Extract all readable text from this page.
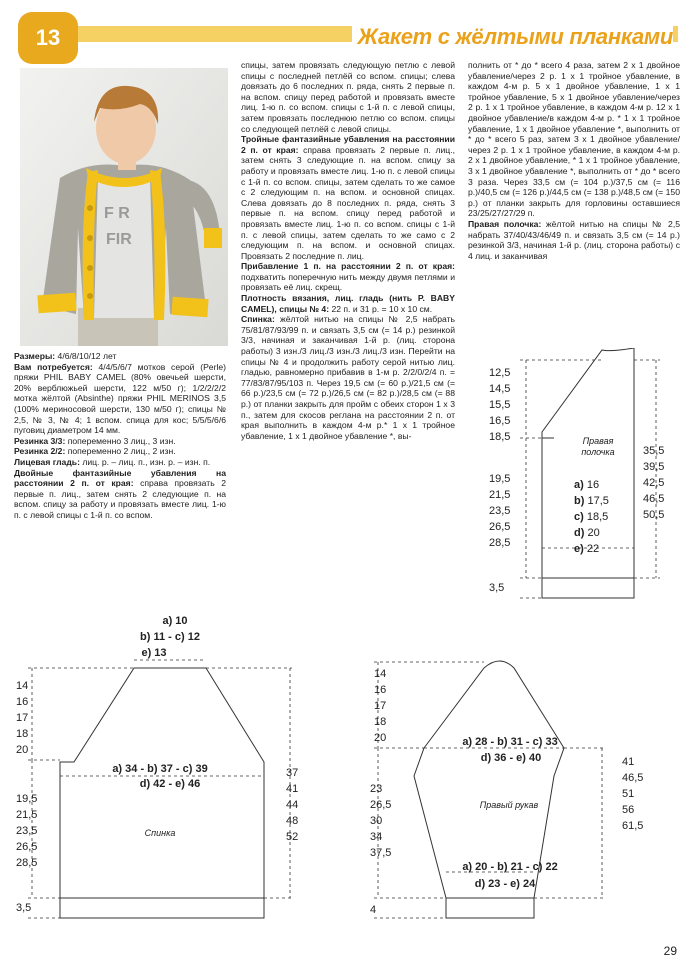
13	Жакет с жёлтыми планками
F R
FIR

Размеры: 4/6/8/10/12 лет

Вам потребуется: 4/4/5/6/7 мотков серой (Perle) пряжи PHIL BABY CAMEL (80% овечьей шерсти, 20% верблюжьей шерсти, 122 м/50 г); 1/2/2/2/2 мотка жёлтой (Absinthe) пряжи PHIL MERINOS 3,5 (100% мериносовой шерсти, 130 м/50 г); спицы № 2,5, № 3, № 4; 1 вспом. спица для кос; 5/5/5/6/6 пуговиц диаметром 14 мм.

Резинка 3/3: попеременно 3 лиц., 3 изн.

Резинка 2/2: попеременно 2 лиц., 2 изн.

Лицевая гладь: лиц. р. – лиц. п., изн. р. – изн. п.

Двойные фантазийные убавления на расстоянии 2 п. от края: справа провязать 2 первые п. лиц., затем снять 2 следующие п. на вспом. спицу за работу и провязать вместе лиц. 1-ю п. с левой спицы с 1-й п. со вспом.

спицы, затем провязать следующую петлю с левой спицы с последней петлёй со вспом. спицы; слева довязать до 6 последних п. ряда, снять 2 первые п. на вспом. спицу перед работой и провязать вместе лиц. 1-ю п. со вспом. спицы с 1-й п. с левой спицы, затем провязать последнюю петлю со вспом. спицы со следующей петлёй с левой спицы.

Тройные фантазийные убавления на расстоянии 2 п. от края: справа провязать 2 первые п. лиц., затем снять 3 следующие п. на вспом. спицу за работу и провязать вместе лиц. 1-ю п. с левой спицы с 1-й п. со вспом. спицы, затем сделать то же самое с 2 следующим п. на вспом. и основной спицах. Слева довязать до 8 последних п. ряда, снять 3 первые п. на вспом. спицу перед работой и провязать вместе лиц. 1-ю п. со вспом. спицы с 1-й п. с левой спицы, затем сделать то же само с 2 следующим п. на вспом. и основной спицах. Провязать 2 последние п. лиц.

Прибавление 1 п. на расстоянии 2 п. от края: подхватить поперечную нить между двумя петлями и провязать её лиц. скрещ.

Плотность вязания, лиц. гладь (нить P. BABY CAMEL), спицы № 4: 22 п. и 31 р. = 10 х 10 см.

Спинка: жёлтой нитью на спицы № 2,5 набрать 75/81/87/93/99 п. и связать 3,5 см (= 14 р.) резинкой 3/3, начиная и заканчивая 1-й р. (лиц. сторона работы) 3 изн./3 лиц./3 изн./3 лиц./3 изн. Перейти на спицы № 4 и продолжить работу серой нитью лиц. гладью, равномерно прибавив в 1-м р. 2/2/0/2/4 п. = 77/83/87/95/103 п. Через 19,5 см (= 60 р.)/21,5 см (= 66 р.)/23,5 см (= 72 р.)/26,5 см (= 82 р.)/28,5 см (= 88 р.) от планки закрыть для пройм с обеих сторон 1 х 3 п., затем для скосов реглана на расстоянии 2 п. от края выполнить в каждом 4-м р.* 1 х 1 тройное убавление, 1 х 1 двойное убавление *, вы-

полнить от * до * всего 4 раза, затем 2 х 1 двойное убавление/через 2 р. 1 х 1 тройное убавление, в каждом 4-м р. 5 х 1 двойное убавление, 1 х 1 тройное убавление, 5 х 1 двойное убавление/через 2 р. 1 х 1 тройное убавление, в каждом 4-м р. 12 х 1 двойное убавление/в каждом 4-м р. * 1 х 1 тройное убавление, 1 х 1 двойное убавление *, выполнить от * до * всего 5 раз, затем 3 х 1 двойное убавление/через 2 р. 1 х 1 тройное убавление, в каждом 4-м р. 2 х 1 двойное убавление, * 1 х 1 тройное убавление, 3 х 1 двойное убавление *, выполнить от * до * всего 3 раза. Через 33,5 см (= 104 р.)/37,5 см (= 116 р.)/40,5 см (= 126 р.)/44,5 см (= 138 р.)/48,5 см (= 150 р.) от планки закрыть для горловины оставшиеся 23/25/27/27/29 п.

Правая полочка: жёлтой нитью на спицы № 2,5 набрать 37/40/43/46/49 п. и связать 3,5 см (= 14 р.) резинкой 3/3, начиная 1-й р. (лиц. сторона работы) с 4 лиц. и заканчивая

Правая
полочка
12,5
14,5
15,5
16,5
18,5
19,5
21,5
23,5
26,5
28,5
35,5
39,5
42,5
46,5
50,5
a) 16
b) 17,5
c) 18,5
d) 20
e) 22
3,5
a) 10
b) 11 - c) 12
e) 13
a) 34 - b) 37 - c) 39
d) 42 - e) 46
Спинка
14
16
17
18
20
19,5
21,5
23,5
26,5
28,5
37
41
44
48
52
3,5
a) 28 - b) 31 - c) 33
d) 36 - e) 40
Правый рукав
a) 20 - b) 21 - c) 22
d) 23 - e) 24
14
16
17
18
20
23
26,5
30
34
37,5
41
46,5
51
56
61,5
4
29
